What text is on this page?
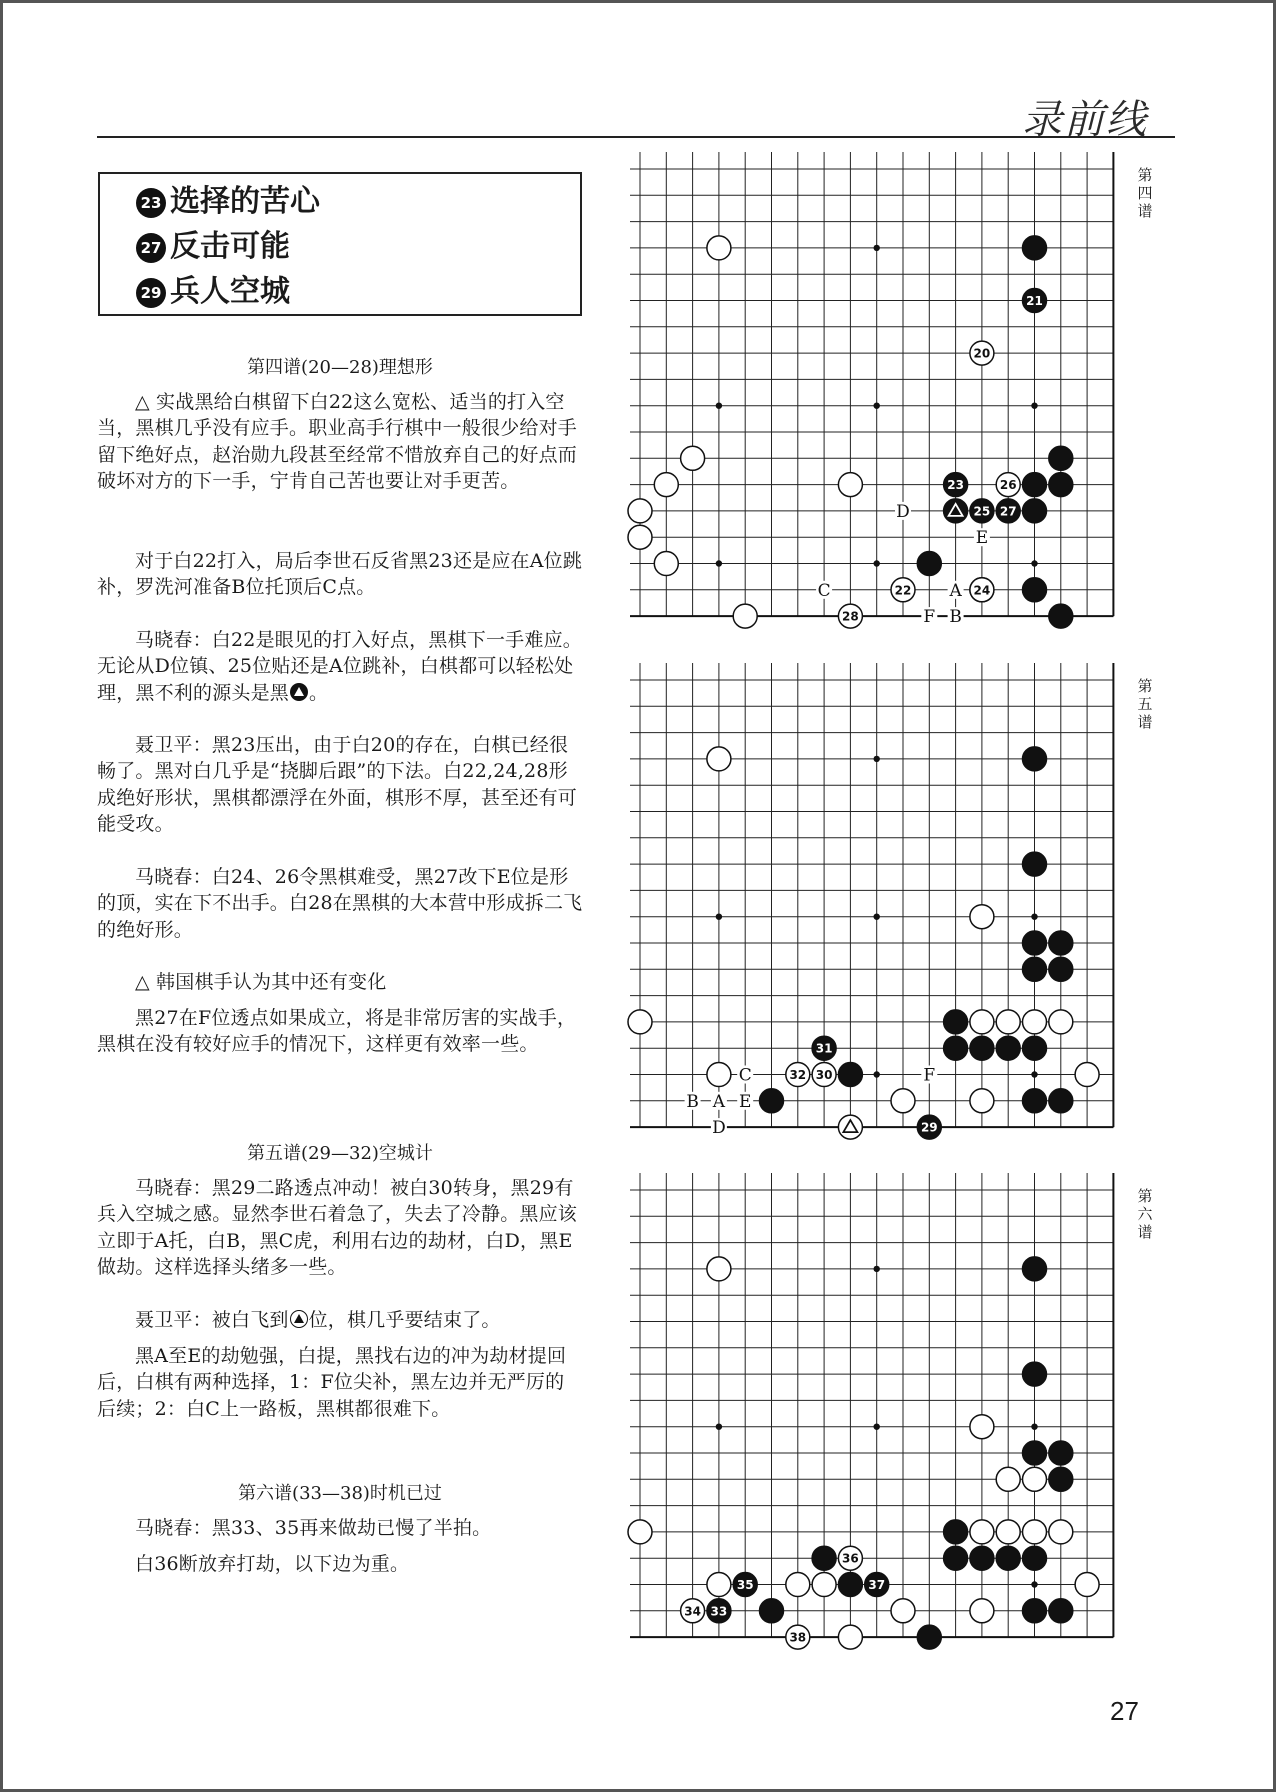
录前线
23 选择的苦心
27 反击可能
29 兵人空城
第四谱(20—28)理想形

△ 实战黑给白棋留下白22这么宽松、适当的打入空当，黑棋几乎没有应手。职业高手行棋中一般很少给对手留下绝好点，赵治勋九段甚至经常不惜放弃自己的好点而破坏对方的下一手，宁肯自己苦也要让对手更苦。

对于白22打入，局后李世石反省黑23还是应在A位跳补，罗洗河准备B位托顶后C点。

马晓春：白22是眼见的打入好点，黑棋下一手难应。无论从D位镇、25位贴还是A位跳补，白棋都可以轻松处理，黑不利的源头是黑 。

聂卫平：黑23压出，由于白20的存在，白棋已经很畅了。黑对白几乎是“挠脚后跟”的下法。白22,24,28形成绝好形状，黑棋都漂浮在外面，棋形不厚，甚至还有可能受攻。

马晓春：白24、26令黑棋难受，黑27改下E位是形的顶，实在下不出手。白28在黑棋的大本营中形成拆二飞的绝好形。

△ 韩国棋手认为其中还有变化

黑27在F位透点如果成立，将是非常厉害的实战手，黑棋在没有较好应手的情况下，这样更有效率一些。

第五谱(29—32)空城计

马晓春：黑29二路透点冲动！被白30转身，黑29有兵入空城之感。显然李世石着急了，失去了冷静。黑应该立即于A托，白B，黑C虎，利用右边的劫材，白D，黑E做劫。这样选择头绪多一些。

聂卫平：被白飞到 位，棋几乎要结束了。

黑A至E的劫勉强，白提，黑找右边的冲为劫材提回后，白棋有两种选择，1：F位尖补，黑左边并无严厉的后续；2：白C上一路板，黑棋都很难下。

第六谱(33—38)时机已过

马晓春：黑33、35再来做劫已慢了半拍。

白36断放弃打劫，以下边为重。

21
20
23	26
25 27
22	24
28
D
E
C	A
F B
第
四
谱
31
32 30
29
C	F
B A E
D
第
五
谱
36
35	37
34 33
38
第
六
谱
27
